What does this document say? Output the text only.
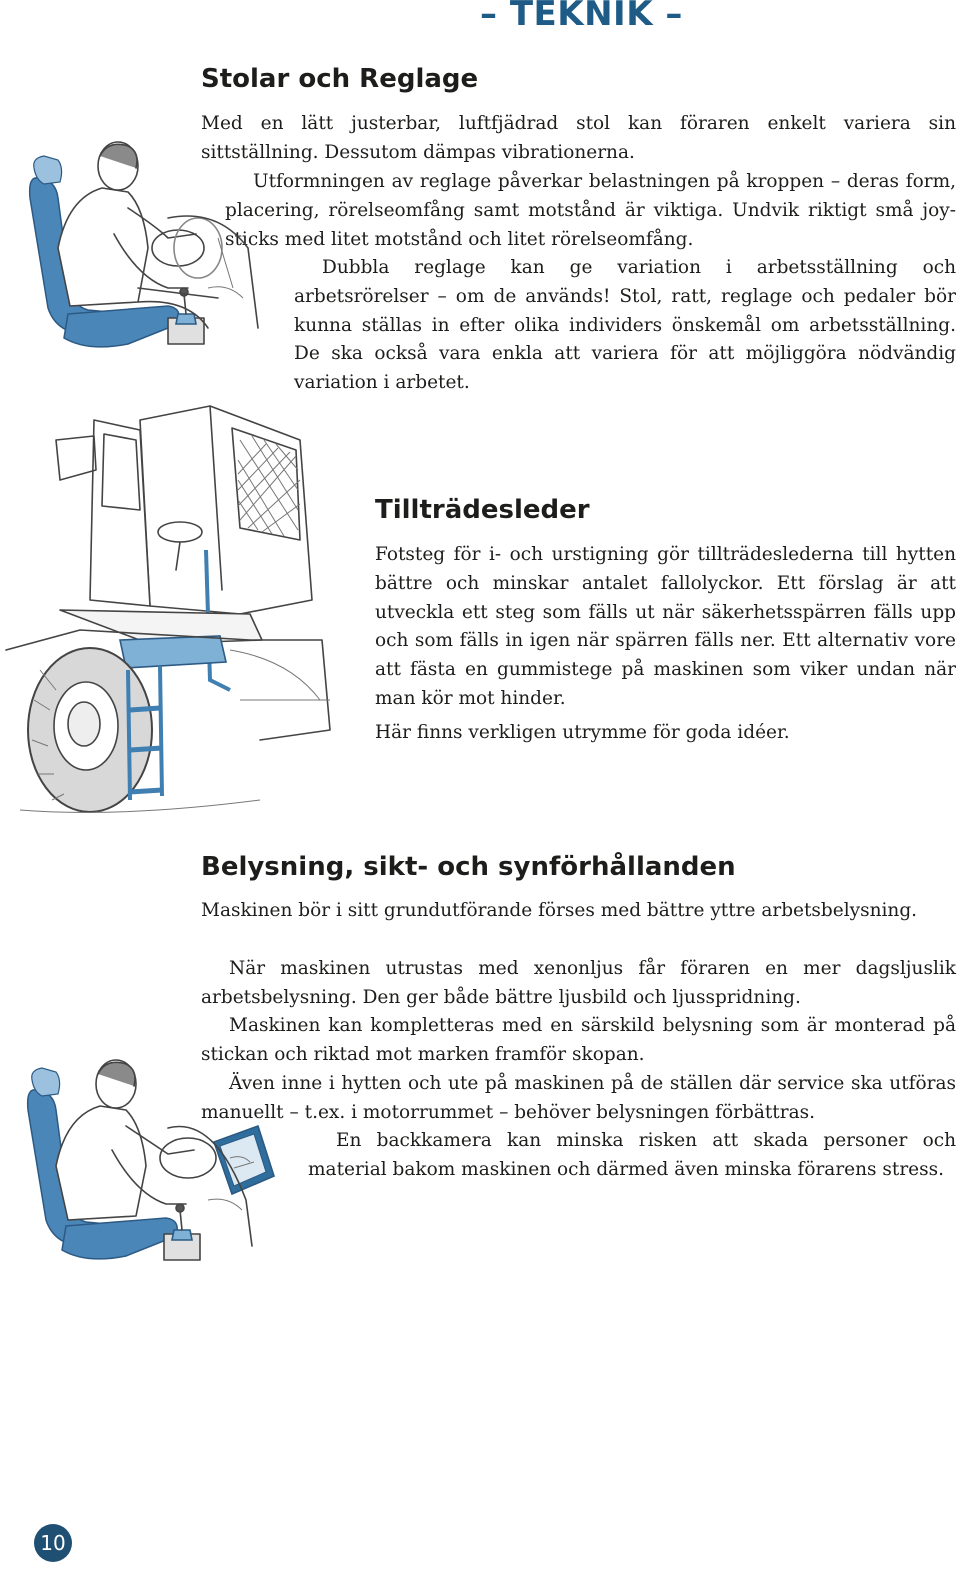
– TEKNIK –
Stolar och Reglage

Med en lätt justerbar, luftfjädrad stol kan föraren enkelt variera sin sittställning. Dessutom dämpas vibrationerna.

Utformningen av reglage påverkar belastningen på kroppen – deras form, placering, rörelseomfång samt motstånd är viktiga. Undvik riktigt små joy-sticks med litet motstånd och litet rörelseomfång.

Dubbla reglage kan ge variation i arbetsställning och arbetsrörelser – om de används! Stol, ratt, reglage och pedaler bör kunna ställas in efter olika individers önskemål om arbetsställning. De ska också vara enkla att variera för att möjliggöra nödvändig variation i arbetet.

Tillträdesleder

Fotsteg för i- och urstigning gör tillträdeslederna till hytten bättre och minskar antalet fallolyckor. Ett förslag är att utveckla ett steg som fälls ut när säkerhetsspärren fälls upp och som fälls in igen när spärren fälls ner. Ett alternativ vore att fästa en gummistege på maskinen som viker undan när man kör mot hinder.

Här finns verkligen utrymme för goda idéer.

Belysning, sikt- och synförhållanden

Maskinen bör i sitt grundutförande förses med bättre yttre arbetsbelysning.

När maskinen utrustas med xenonljus får föraren en mer dagsljuslik arbetsbelysning. Den ger både bättre ljusbild och ljusspridning.

Maskinen kan kompletteras med en särskild belysning som är monterad på stickan och riktad mot marken framför skopan.

Även inne i hytten och ute på maskinen på de ställen där service ska utföras manuellt – t.ex. i motorrummet – behöver belysningen förbättras.

En backkamera kan minska risken att skada personer och material bakom maskinen och därmed även minska förarens stress.

10
